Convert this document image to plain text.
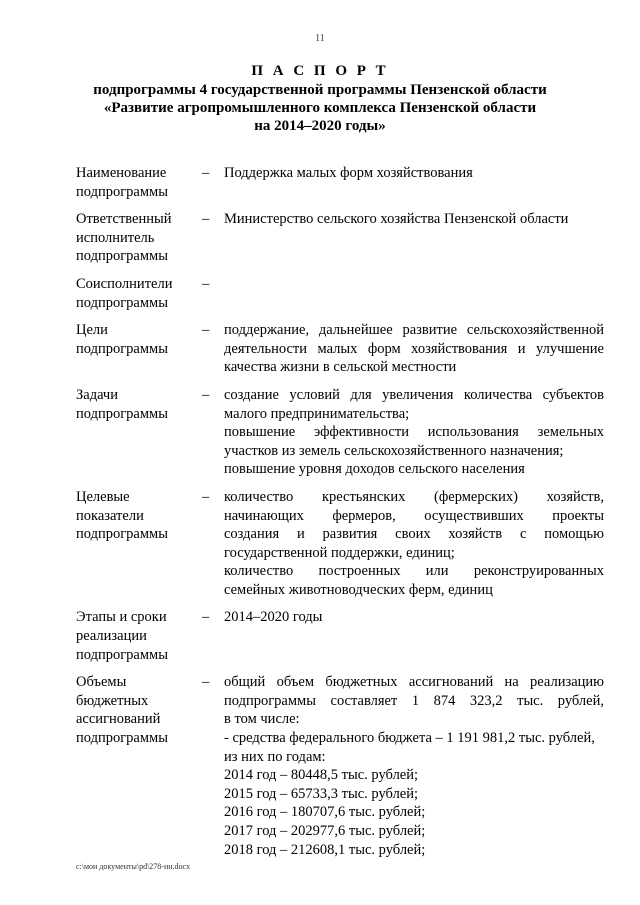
11
П А С П О Р Т
подпрограммы 4 государственной программы Пензенской области
«Развитие агропромышленного комплекса Пензенской области
на 2014–2020 годы»
Наименование
подпрограммы
–	Поддержка малых форм хозяйствования
Ответственный
исполнитель
подпрограммы
–	Министерство сельского хозяйства Пензенской области
Соисполнители
подпрограммы
–
Цели
подпрограммы
–	поддержание, дальнейшее развитие сельскохозяйственной
деятельности малых форм хозяйствования и улучшение
качества жизни в сельской местности
Задачи
подпрограммы
–	создание условий для увеличения количества субъектов
малого предпринимательства;
повышение эффективности использования земельных
участков из земель сельскохозяйственного назначения;
повышение уровня доходов сельского населения
Целевые
показатели
подпрограммы
–	количество крестьянских (фермерских) хозяйств,
начинающих фермеров, осуществивших проекты
создания и развития своих хозяйств с помощью
государственной поддержки, единиц;
количество построенных или реконструированных
семейных животноводческих ферм, единиц
Этапы и сроки
реализации
подпрограммы
–	2014–2020 годы
Объемы
бюджетных
ассигнований
подпрограммы
–	общий объем бюджетных ассигнований на реализацию
подпрограммы составляет 1 874 323,2 тыс. рублей,
в том числе:
- средства федерального бюджета – 1 191 981,2 тыс. рублей,
из них по годам:
2014 год – 80448,5 тыс. рублей;
2015 год – 65733,3 тыс. рублей;
2016 год – 180707,6 тыс. рублей;
2017 год – 202977,6 тыс. рублей;
2018 год – 212608,1 тыс. рублей;
c:\мои документы\pd\278-ин.docx
